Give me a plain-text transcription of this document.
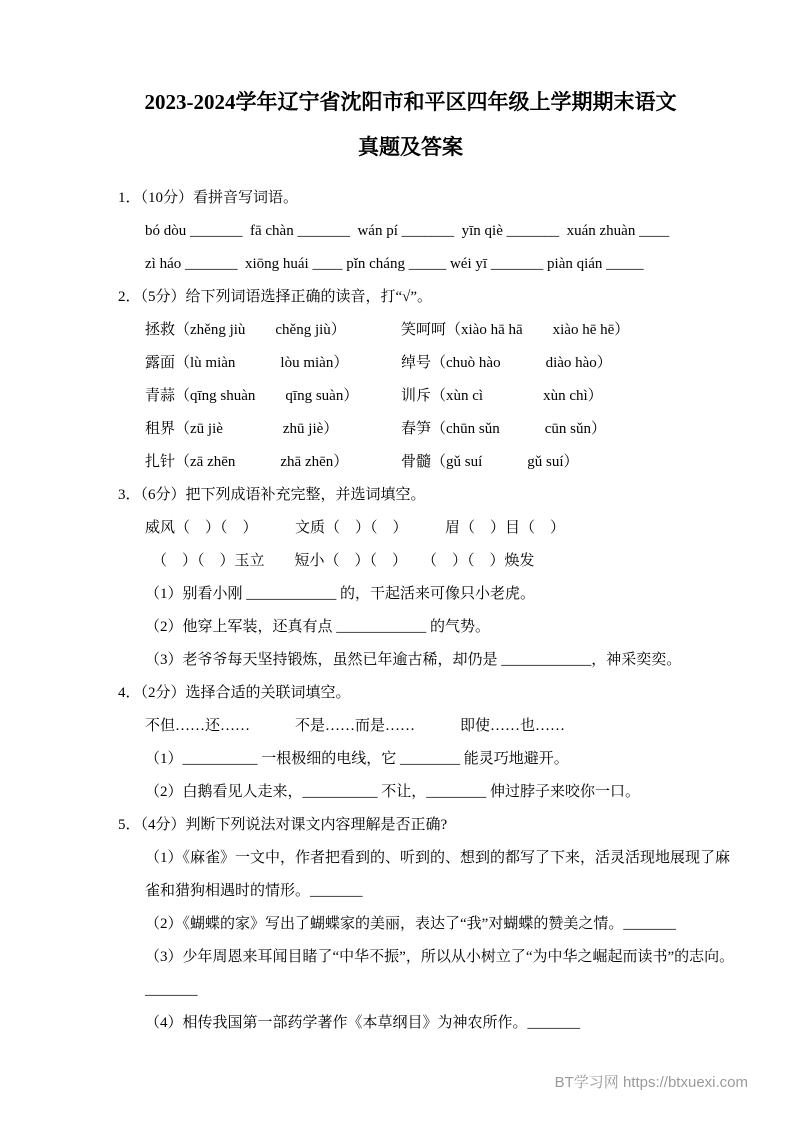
2023-2024学年辽宁省沈阳市和平区四年级上学期期末语文
真题及答案
1．（10分）看拼音写词语。
bó dòu _______  fā chàn _______  wán pí _______  yīn qiè _______  xuán zhuàn ____
zì háo _______  xiōng huái ____ pǐn cháng _____ wéi yī _______ piàn qián _____
2．（5分）给下列词语选择正确的读音，打“√”。
拯救（zhěng jiù        chěng jiù）	笑呵呵（xiào hā hā        xiào hē hē）
露面（lù miàn            lòu miàn）	绰号（chuò hào            diào hào）
青蒜（qīng shuàn        qīng suàn）	训斥（xùn cì                xùn chì）
租界（zū jiè                zhū jiè）	春笋（chūn sǔn            cūn sǔn）
扎针（zā zhēn            zhā zhēn）	骨髓（gǔ suí            gǔ suí）
3．（6分）把下列成语补充完整，并选词填空。
威风（　）（　）　　　文质（　）（　）　　　眉（　）目（　）
（　）（　）玉立　　短小（　）（　）　　（　）（　）焕发
（1）别看小刚 ____________ 的，干起活来可像只小老虎。
（2）他穿上军装，还真有点 ____________ 的气势。
（3）老爷爷每天坚持锻炼，虽然已年逾古稀，却仍是 ____________，神采奕奕。
4．（2分）选择合适的关联词填空。
不但……还……　　　不是……而是……　　　即使……也……
（1）__________ 一根极细的电线，它 ________ 能灵巧地避开。
（2）白鹅看见人走来，__________ 不让，________ 伸过脖子来咬你一口。
5．（4分）判断下列说法对课文内容理解是否正确?
（1）《麻雀》一文中，作者把看到的、听到的、想到的都写了下来，活灵活现地展现了麻雀和猎狗相遇时的情形。_______
（2）《蝴蝶的家》写出了蝴蝶家的美丽，表达了“我”对蝴蝶的赞美之情。_______
（3）少年周恩来耳闻目睹了“中华不振”，所以从小树立了“为中华之崛起而读书”的志向。_______
（4）相传我国第一部药学著作《本草纲目》为神农所作。_______
BT学习网 https://btxuexi.com
